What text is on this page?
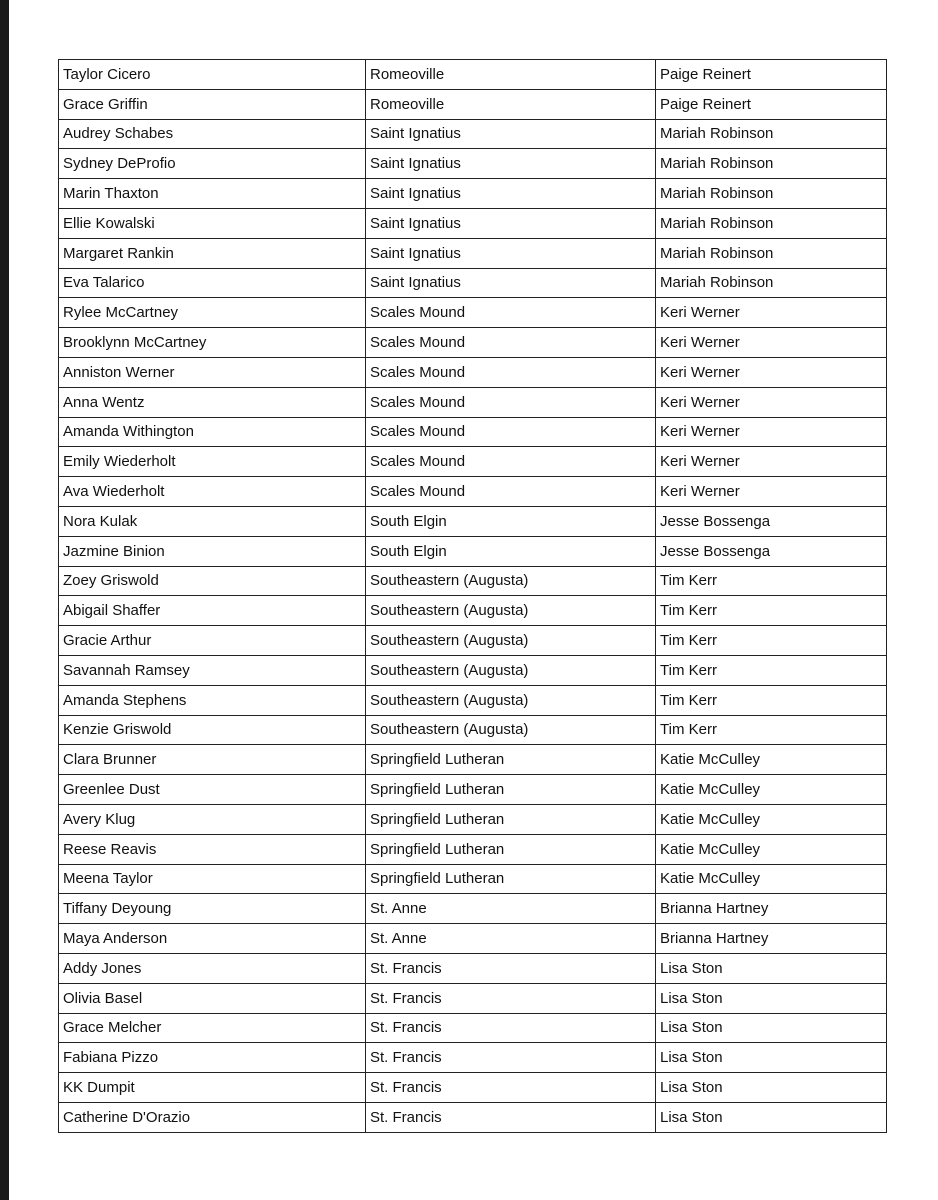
Taylor Cicero	Romeoville	Paige Reinert
Grace Griffin	Romeoville	Paige Reinert
Audrey Schabes	Saint Ignatius	Mariah Robinson
Sydney DeProfio	Saint Ignatius	Mariah Robinson
Marin Thaxton	Saint Ignatius	Mariah Robinson
Ellie Kowalski	Saint Ignatius	Mariah Robinson
Margaret Rankin	Saint Ignatius	Mariah Robinson
Eva Talarico	Saint Ignatius	Mariah Robinson
Rylee McCartney	Scales Mound	Keri Werner
Brooklynn McCartney	Scales Mound	Keri Werner
Anniston Werner	Scales Mound	Keri Werner
Anna Wentz	Scales Mound	Keri Werner
Amanda Withington	Scales Mound	Keri Werner
Emily Wiederholt	Scales Mound	Keri Werner
Ava Wiederholt	Scales Mound	Keri Werner
Nora Kulak	South Elgin	Jesse Bossenga
Jazmine Binion	South Elgin	Jesse Bossenga
Zoey Griswold	Southeastern (Augusta)	Tim Kerr
Abigail Shaffer	Southeastern (Augusta)	Tim Kerr
Gracie Arthur	Southeastern (Augusta)	Tim Kerr
Savannah Ramsey	Southeastern (Augusta)	Tim Kerr
Amanda Stephens	Southeastern (Augusta)	Tim Kerr
Kenzie Griswold	Southeastern (Augusta)	Tim Kerr
Clara Brunner	Springfield Lutheran	Katie McCulley
Greenlee Dust	Springfield Lutheran	Katie McCulley
Avery Klug	Springfield Lutheran	Katie McCulley
Reese Reavis	Springfield Lutheran	Katie McCulley
Meena Taylor	Springfield Lutheran	Katie McCulley
Tiffany Deyoung	St. Anne	Brianna Hartney
Maya Anderson	St. Anne	Brianna Hartney
Addy Jones	St. Francis	Lisa Ston
Olivia Basel	St. Francis	Lisa Ston
Grace Melcher	St. Francis	Lisa Ston
Fabiana Pizzo	St. Francis	Lisa Ston
KK Dumpit	St. Francis	Lisa Ston
Catherine D'Orazio	St. Francis	Lisa Ston
